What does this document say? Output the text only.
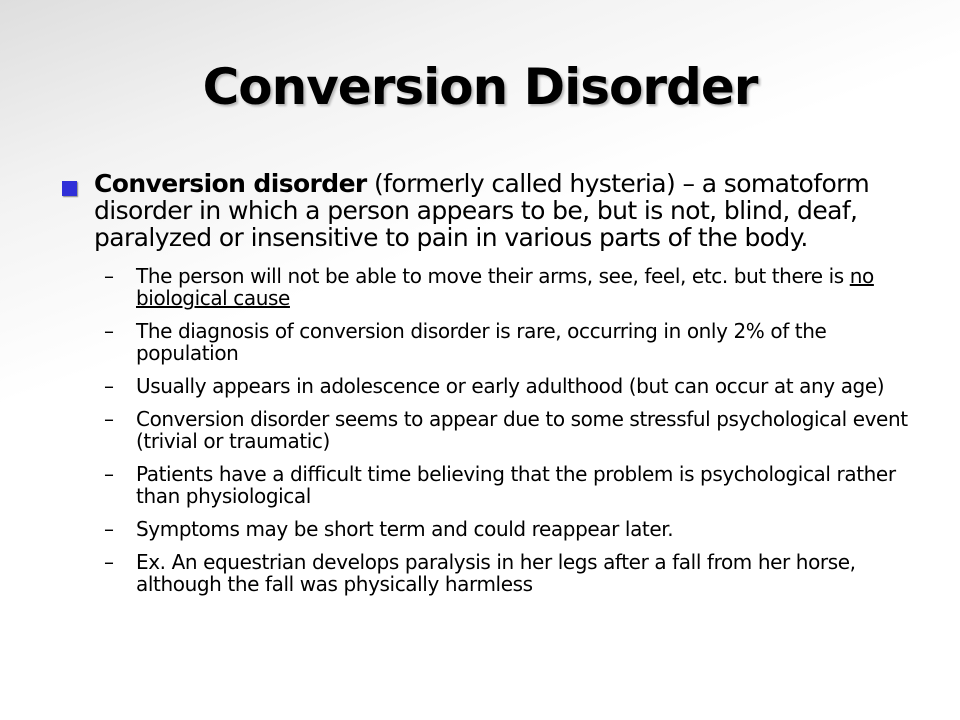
Conversion Disorder
Conversion disorder (formerly called hysteria) – a somatoform disorder in which a person appears to be, but is not, blind, deaf, paralyzed or insensitive to pain in various parts of the body.
–	The person will not be able to move their arms, see, feel, etc. but there is no biological cause
–	The diagnosis of conversion disorder is rare, occurring in only 2% of the population
–	Usually appears in adolescence or early adulthood (but can occur at any age)
–	Conversion disorder seems to appear due to some stressful psychological event (trivial or traumatic)
–	Patients have a difficult time believing that the problem is psychological rather than physiological
–	Symptoms may be short term and could reappear later.
–	Ex. An equestrian develops paralysis in her legs after a fall from her horse, although the fall was physically harmless
